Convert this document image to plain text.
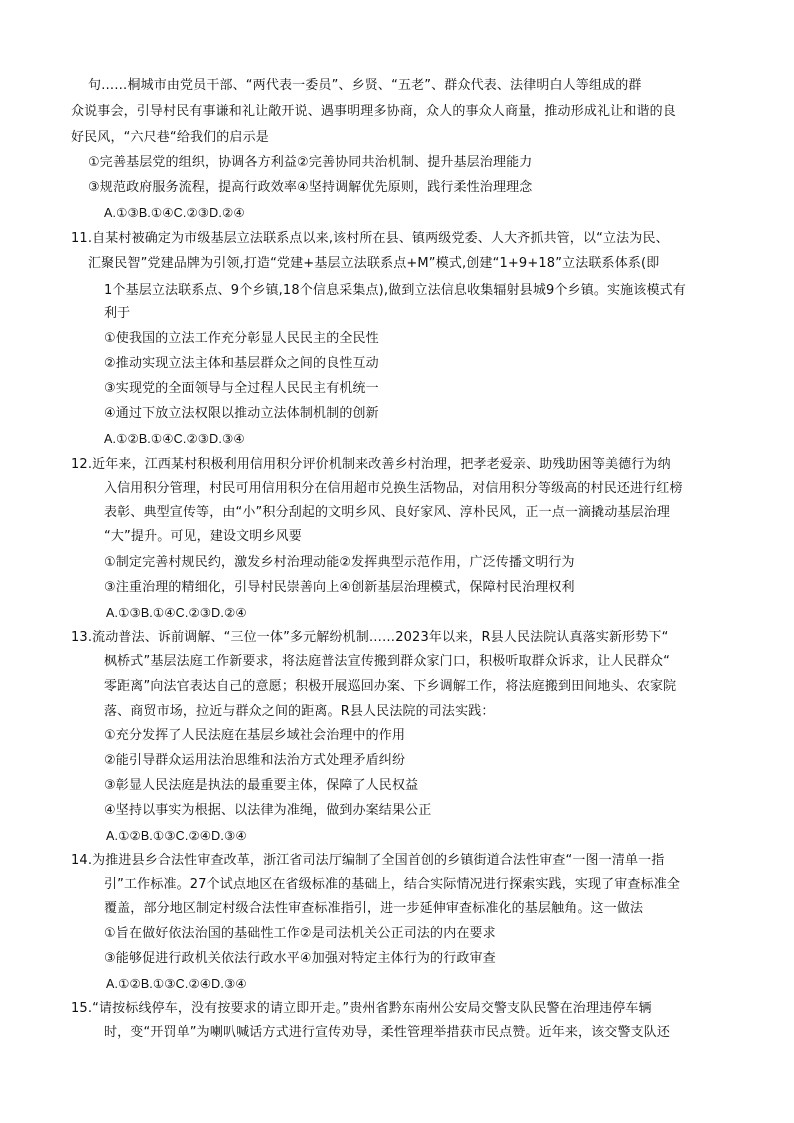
句……桐城市由党员干部、“两代表一委员”、乡贤、“五老”、群众代表、法律明白人等组成的群
众说事会，引导村民有事谦和礼让敞开说、遇事明理多协商，众人的事众人商量，推动形成礼让和谐的良
好民风，“六尺巷“给我们的启示是
①完善基层党的组织，协调各方利益②完善协同共治机制、提升基层治理能力
③规范政府服务流程，提高行政效率④坚持调解优先原则，践行柔性治理理念
A.①③B.①④C.②③D.②④
11.自某村被确定为市级基层立法联系点以来,该村所在县、镇两级党委、人大齐抓共管，以“立法为民、
汇聚民智”党建品牌为引领,打造“党建+基层立法联系点+M”模式,创建“1+9+18”立法联系体系(即
1个基层立法联系点、9个乡镇,18个信息采集点),做到立法信息收集辐射县城9个乡镇。实施该模式有
利于
①使我国的立法工作充分彰显人民民主的全民性
②推动实现立法主体和基层群众之间的良性互动
③实现党的全面领导与全过程人民民主有机统一
④通过下放立法权限以推动立法体制机制的创新
A.①②B.①④C.②③D.③④
12.近年来，江西某村积极利用信用积分评价机制来改善乡村治理，把孝老爱亲、助残助困等美德行为纳
入信用积分管理，村民可用信用积分在信用超市兑换生活物品，对信用积分等级高的村民还进行红榜
表彰、典型宣传等，由“小”积分刮起的文明乡风、良好家风、淳朴民风，正一点一滴撬动基层治理
“大”提升。可见，建设文明乡风要
①制定完善村规民约，激发乡村治理动能②发挥典型示范作用，广泛传播文明行为
③注重治理的精细化，引导村民崇善向上④创新基层治理模式，保障村民治理权利
A.①③B.①④C.②③D.②④
13.流动普法、诉前调解、“三位一体”多元解纷机制……2023年以来，R县人民法院认真落实新形势下“
枫桥式”基层法庭工作新要求，将法庭普法宣传搬到群众家门口，积极听取群众诉求，让人民群众“
零距离”向法官表达自己的意愿；积极开展巡回办案、下乡调解工作，将法庭搬到田间地头、农家院
落、商贸市场，拉近与群众之间的距离。R县人民法院的司法实践：
①充分发挥了人民法庭在基层乡域社会治理中的作用
②能引导群众运用法治思维和法治方式处理矛盾纠纷
③彰显人民法庭是执法的最重要主体，保障了人民权益
④坚持以事实为根据、以法律为准绳，做到办案结果公正
A.①②B.①③C.②④D.③④
14.为推进县乡合法性审查改革，浙江省司法厅编制了全国首创的乡镇街道合法性审查“一图一清单一指
引”工作标准。27个试点地区在省级标准的基础上，结合实际情况进行探索实践，实现了审查标准全
覆盖，部分地区制定村级合法性审查标准指引，进一步延伸审查标准化的基层触角。这一做法
①旨在做好依法治国的基础性工作②是司法机关公正司法的内在要求
③能够促进行政机关依法行政水平④加强对特定主体行为的行政审查
A.①②B.①③C.②④D.③④
15.“请按标线停车，没有按要求的请立即开走。”贵州省黔东南州公安局交警支队民警在治理违停车辆
时，变“开罚单”为喇叭喊话方式进行宣传劝导，柔性管理举措获市民点赞。近年来，该交警支队还
